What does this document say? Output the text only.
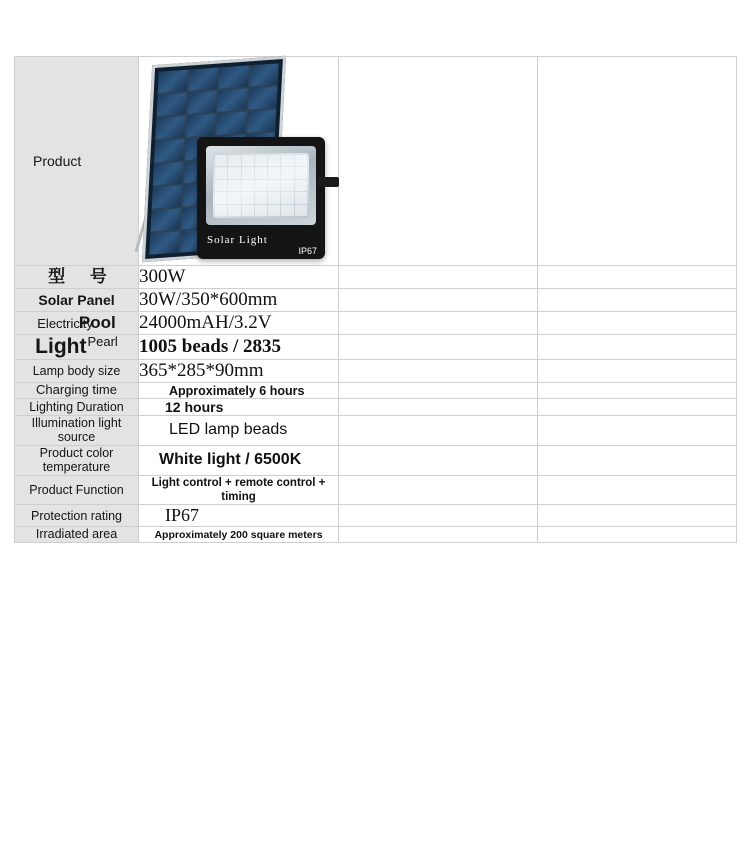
Product	Solar Light
IP67		

型 号	300W		
Solar Panel	30W/350*600mm		

ElectricityPool	24000mAH/3.2V		

LightPearl	1005 beads / 2835		
Lamp body size	365*285*90mm		
Charging time	Approximately 6 hours		
Lighting Duration	12 hours		
Illumination light source	LED lamp beads		
Product color temperature	White light / 6500K		
Product Function	Light control + remote control + timing		
Protection rating	IP67		
Irradiated area	Approximately 200 square meters		
